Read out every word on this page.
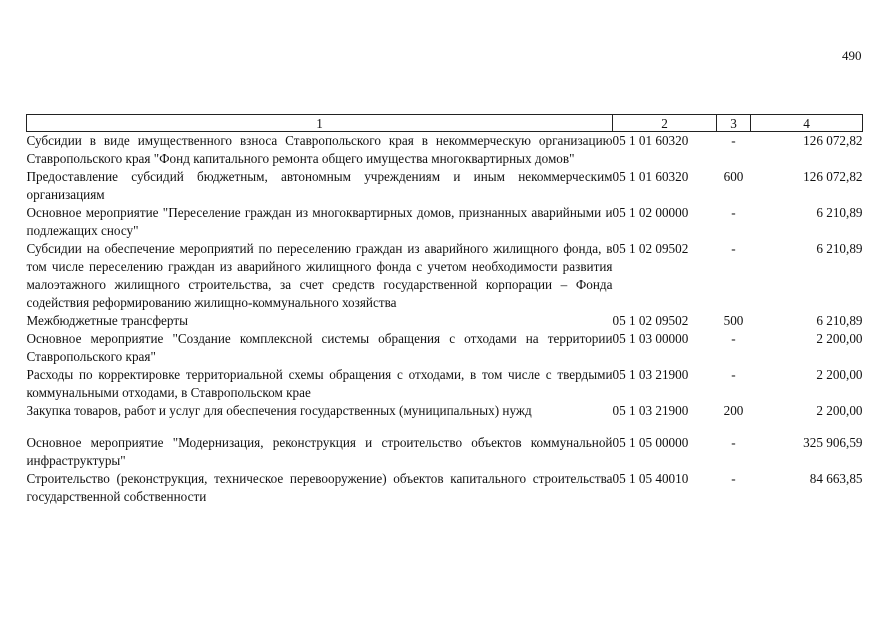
490
1	2	3	4
Субсидии в виде имущественного взноса Ставропольского края в некоммерческую организацию Ставропольского края "Фонд капитального ремонта общего имущества многоквартирных домов"	05 1 01 60320	-	126 072,82
Предоставление субсидий бюджетным, автономным учреждениям и иным некоммерческим организациям	05 1 01 60320	600	126 072,82
Основное мероприятие "Переселение граждан из многоквартирных домов, признанных аварийными и подлежащих сносу"	05 1 02 00000	-	6 210,89
Субсидии на обеспечение мероприятий по переселению граждан из аварийного жилищного фонда, в том числе переселению граждан из аварийного жилищного фонда с учетом необходимости развития малоэтажного жилищного строительства, за счет средств государственной корпорации – Фонда содействия реформированию жилищно-коммунального хозяйства	05 1 02 09502	-	6 210,89
Межбюджетные трансферты	05 1 02 09502	500	6 210,89
Основное мероприятие "Создание комплексной системы обращения с отходами на территории Ставропольского края"	05 1 03 00000	-	2 200,00
Расходы по корректировке территориальной схемы обращения с отходами, в том числе с твердыми коммунальными отходами, в Ставропольском крае	05 1 03 21900	-	2 200,00
Закупка товаров, работ и услуг для обеспечения государственных (муниципальных) нужд	05 1 03 21900	200	2 200,00

Основное мероприятие "Модернизация, реконструкция и строительство объектов коммунальной инфраструктуры"	05 1 05 00000	-	325 906,59
Строительство (реконструкция, техническое перевооружение) объектов капитального строительства государственной собственности	05 1 05 40010	-	84 663,85
